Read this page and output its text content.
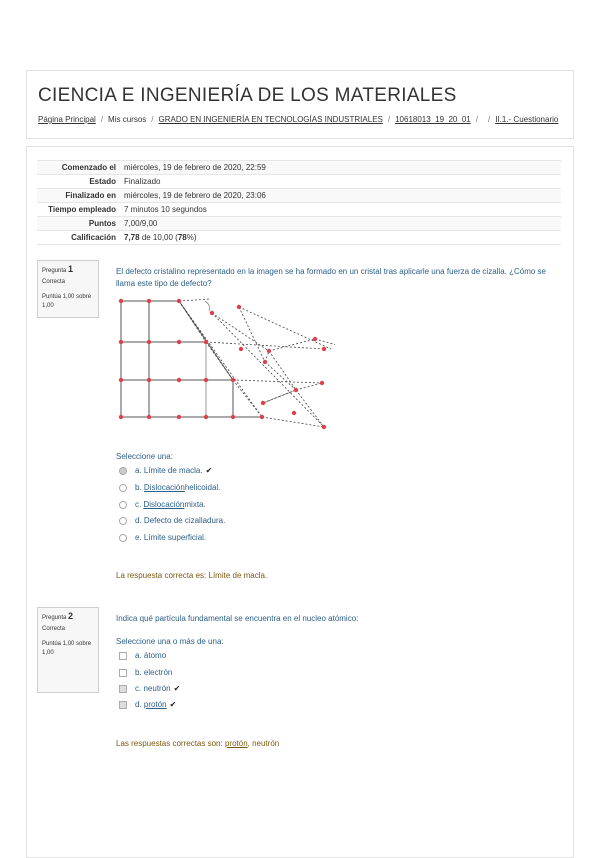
CIENCIA E INGENIERÍA DE LOS MATERIALES
Página Principal / Mis cursos / GRADO EN INGENIERÍA EN TECNOLOGÍAS INDUSTRIALES / 10618013_19_20_01 / / II.1.- Cuestionario
Comenzado el	miércoles, 19 de febrero de 2020, 22:59
Estado	Finalizado
Finalizado en	miércoles, 19 de febrero de 2020, 23:06
Tiempo empleado	7 minutos 10 segundos
Puntos	7,00/9,00
Calificación	7,78 de 10,00 (78%)
Pregunta 1
Correcta
Puntúa 1,00 sobre 1,00
El defecto cristalino representado en la imagen se ha formado en un cristal tras aplicarle una fuerza de cizalla. ¿Cómo se llama este tipo de defecto?
Seleccione una:
a.
Límite de macla. ✔
b.
Dislocación helicoidal.
c.
Dislocación mixta.
d.
Defecto de cizalladura.
e.
Límite superficial.
La respuesta correcta es: Límite de macla.
Pregunta 2
Correcta
Puntúa 1,00 sobre 1,00
Indica qué partícula fundamental se encuentra en el nucleo atómico:
Seleccione una o más de una:
a.
átomo
b.
electrón
c.
neutrón ✔
d.
protón ✔
Las respuestas correctas son: protón, neutrón
